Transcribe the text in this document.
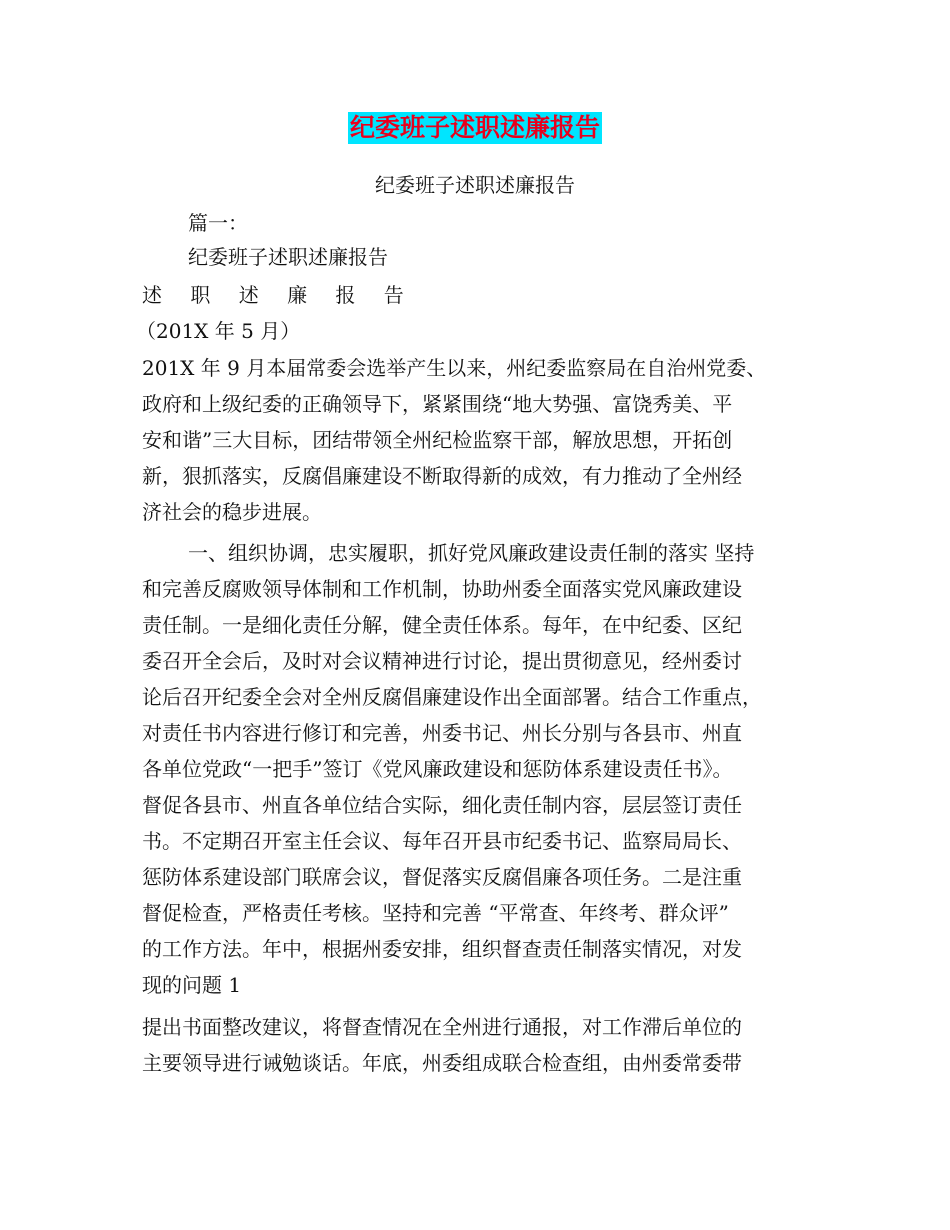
纪委班子述职述廉报告
纪委班子述职述廉报告
篇一：
纪委班子述职述廉报告
述 职 述 廉 报 告
（201X 年 5 月）
201X 年 9 月本届常委会选举产生以来，州纪委监察局在自治州党委、
政府和上级纪委的正确领导下，紧紧围绕“地大势强、富饶秀美、平
安和谐”三大目标，团结带领全州纪检监察干部，解放思想，开拓创
新，狠抓落实，反腐倡廉建设不断取得新的成效，有力推动了全州经
济社会的稳步进展。
一、组织协调，忠实履职，抓好党风廉政建设责任制的落实 坚持
和完善反腐败领导体制和工作机制，协助州委全面落实党风廉政建设
责任制。一是细化责任分解，健全责任体系。每年，在中纪委、区纪
委召开全会后，及时对会议精神进行讨论，提出贯彻意见，经州委讨
论后召开纪委全会对全州反腐倡廉建设作出全面部署。结合工作重点，
对责任书内容进行修订和完善，州委书记、州长分别与各县市、州直
各单位党政“一把手”签订《党风廉政建设和惩防体系建设责任书》。
督促各县市、州直各单位结合实际，细化责任制内容，层层签订责任
书。不定期召开室主任会议、每年召开县市纪委书记、监察局局长、
惩防体系建设部门联席会议，督促落实反腐倡廉各项任务。二是注重
督促检查，严格责任考核。坚持和完善 “平常查、年终考、群众评”
的工作方法。年中，根据州委安排，组织督查责任制落实情况，对发
现的问题 1
提出书面整改建议，将督查情况在全州进行通报，对工作滞后单位的
主要领导进行诫勉谈话。年底，州委组成联合检查组，由州委常委带
